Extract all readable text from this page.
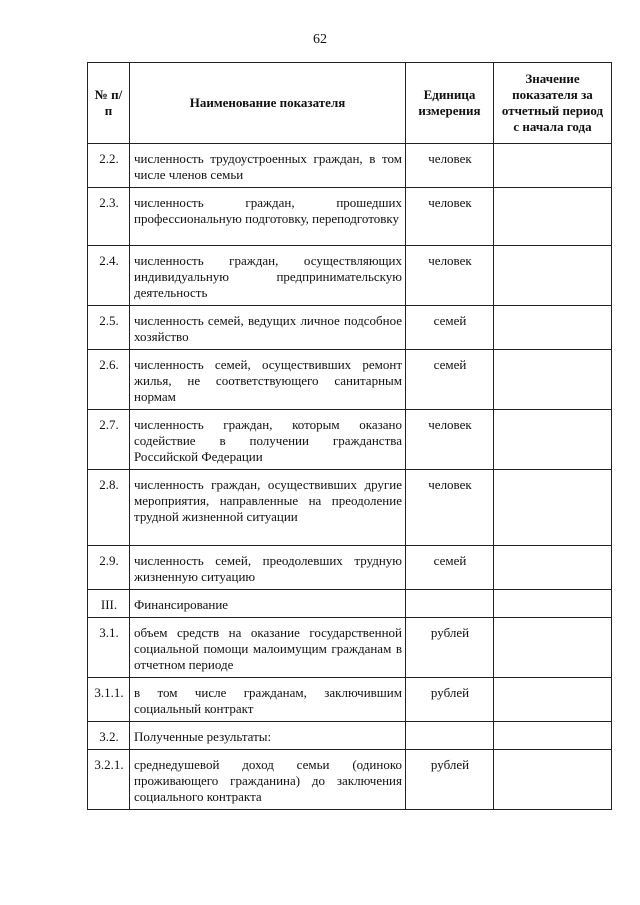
62
№ п/п	Наименование показателя	Единица измерения	Значение показателя за отчетный период с начала года
2.2.	численность трудоустроенных граждан, в том числе членов семьи	человек	
2.3.	численность граждан, прошедших профессиональную подготовку, переподготовку	человек	
2.4.	численность граждан, осуществляющих индивидуальную предпринимательскую деятельность	человек	
2.5.	численность семей, ведущих личное подсобное хозяйство	семей	
2.6.	численность семей, осуществивших ремонт жилья, не соответствующего санитарным нормам	семей	
2.7.	численность граждан, которым оказано содействие в получении гражданства Российской Федерации	человек	
2.8.	численность граждан, осуществивших другие мероприятия, направленные на преодоление трудной жизненной ситуации	человек	
2.9.	численность семей, преодолевших трудную жизненную ситуацию	семей	
III.	Финансирование		
3.1.	объем средств на оказание государственной социальной помощи малоимущим гражданам в отчетном периоде	рублей	
3.1.1.	в том числе гражданам, заключившим социальный контракт	рублей	
3.2.	Полученные результаты:		
3.2.1.	среднедушевой доход семьи (одиноко проживающего гражданина) до заключения социального контракта	рублей	
